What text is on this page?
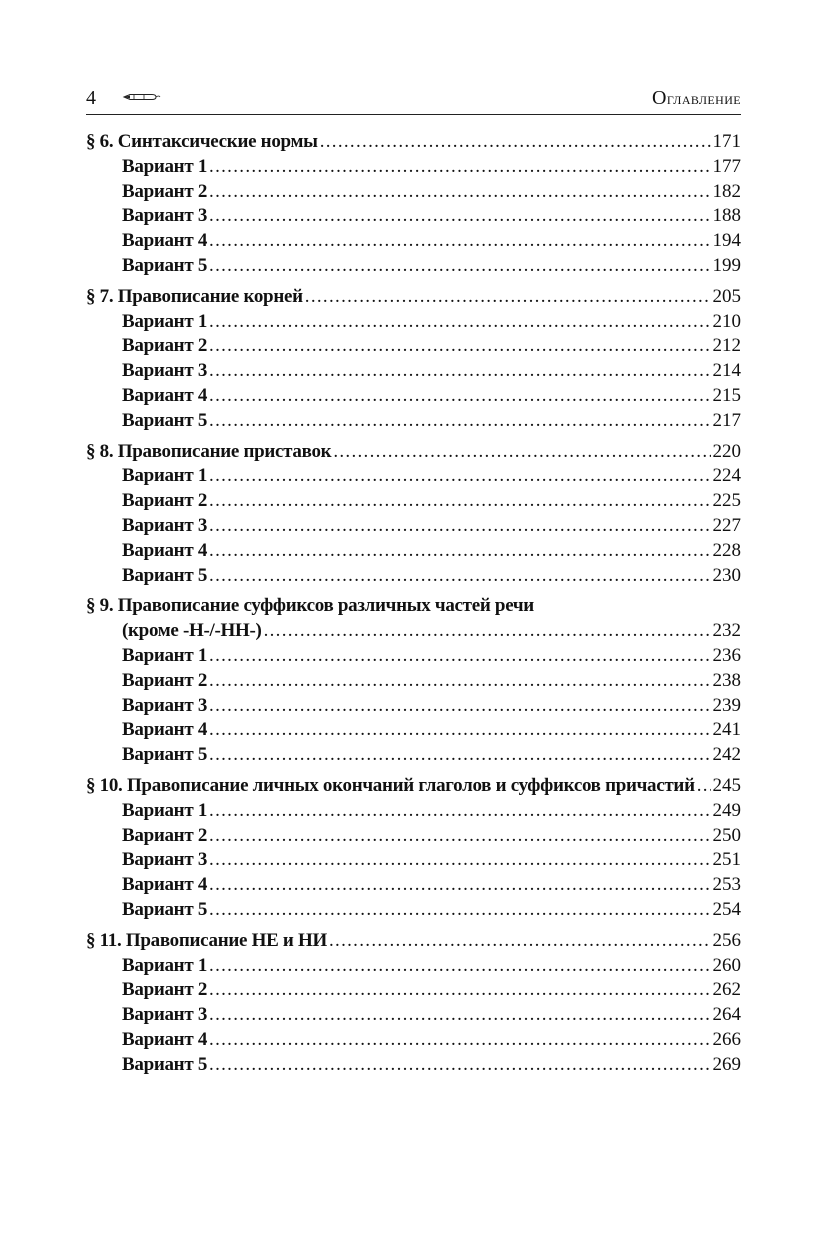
4	Оглавление
§ 6. Синтаксические нормы .....	171
Вариант 1 .....	177
Вариант 2 .....	182
Вариант 3 .....	188
Вариант 4 .....	194
Вариант 5 .....	199
§ 7. Правописание корней .....	205
Вариант 1 .....	210
Вариант 2 .....	212
Вариант 3 .....	214
Вариант 4 .....	215
Вариант 5 .....	217
§ 8. Правописание приставок .....	220
Вариант 1 .....	224
Вариант 2 .....	225
Вариант 3 .....	227
Вариант 4 .....	228
Вариант 5 .....	230
§ 9. Правописание суффиксов различных частей речи
(кроме -Н-/-НН-) .....	232
Вариант 1 .....	236
Вариант 2 .....	238
Вариант 3 .....	239
Вариант 4 .....	241
Вариант 5 .....	242
§ 10. Правописание личных окончаний глаголов и суффиксов причастий ..... 245
Вариант 1 .....	249
Вариант 2 .....	250
Вариант 3 .....	251
Вариант 4 .....	253
Вариант 5 .....	254
§ 11. Правописание НЕ и НИ .....	256
Вариант 1 .....	260
Вариант 2 .....	262
Вариант 3 .....	264
Вариант 4 .....	266
Вариант 5 .....	269
